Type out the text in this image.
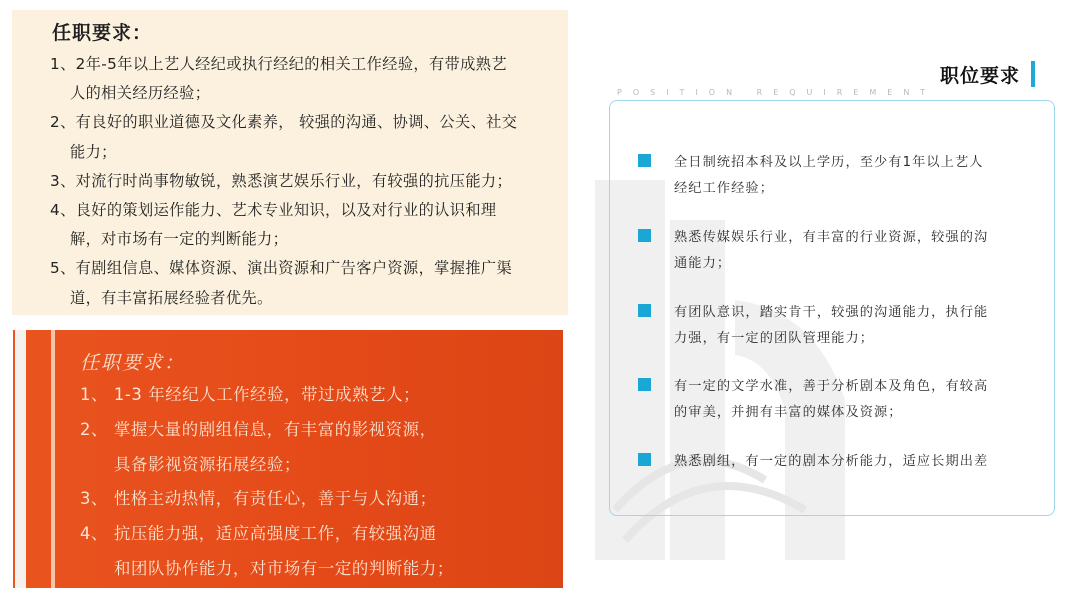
任职要求：
1、2年-5年以上艺人经纪或执行经纪的相关工作经验，有带成熟艺
人的相关经历经验；
2、有良好的职业道德及文化素养， 较强的沟通、协调、公关、社交
能力；
3、对流行时尚事物敏锐，熟悉演艺娱乐行业，有较强的抗压能力；
4、良好的策划运作能力、艺术专业知识，以及对行业的认识和理
解，对市场有一定的判断能力；
5、有剧组信息、媒体资源、演出资源和广告客户资源，掌握推广渠
道，有丰富拓展经验者优先。
任职要求：
1、 1-3 年经纪人工作经验，带过成熟艺人；
2、 掌握大量的剧组信息，有丰富的影视资源，
具备影视资源拓展经验；
3、 性格主动热情，有责任心，善于与人沟通；
4、 抗压能力强，适应高强度工作，有较强沟通
和团队协作能力，对市场有一定的判断能力；
职位要求
POSITION REQUIREMENT
全日制统招本科及以上学历，至少有1年以上艺人
经纪工作经验；
熟悉传媒娱乐行业，有丰富的行业资源，较强的沟
通能力；
有团队意识，踏实肯干，较强的沟通能力，执行能
力强，有一定的团队管理能力；
有一定的文学水准，善于分析剧本及角色，有较高
的审美，并拥有丰富的媒体及资源；
熟悉剧组，有一定的剧本分析能力，适应长期出差
